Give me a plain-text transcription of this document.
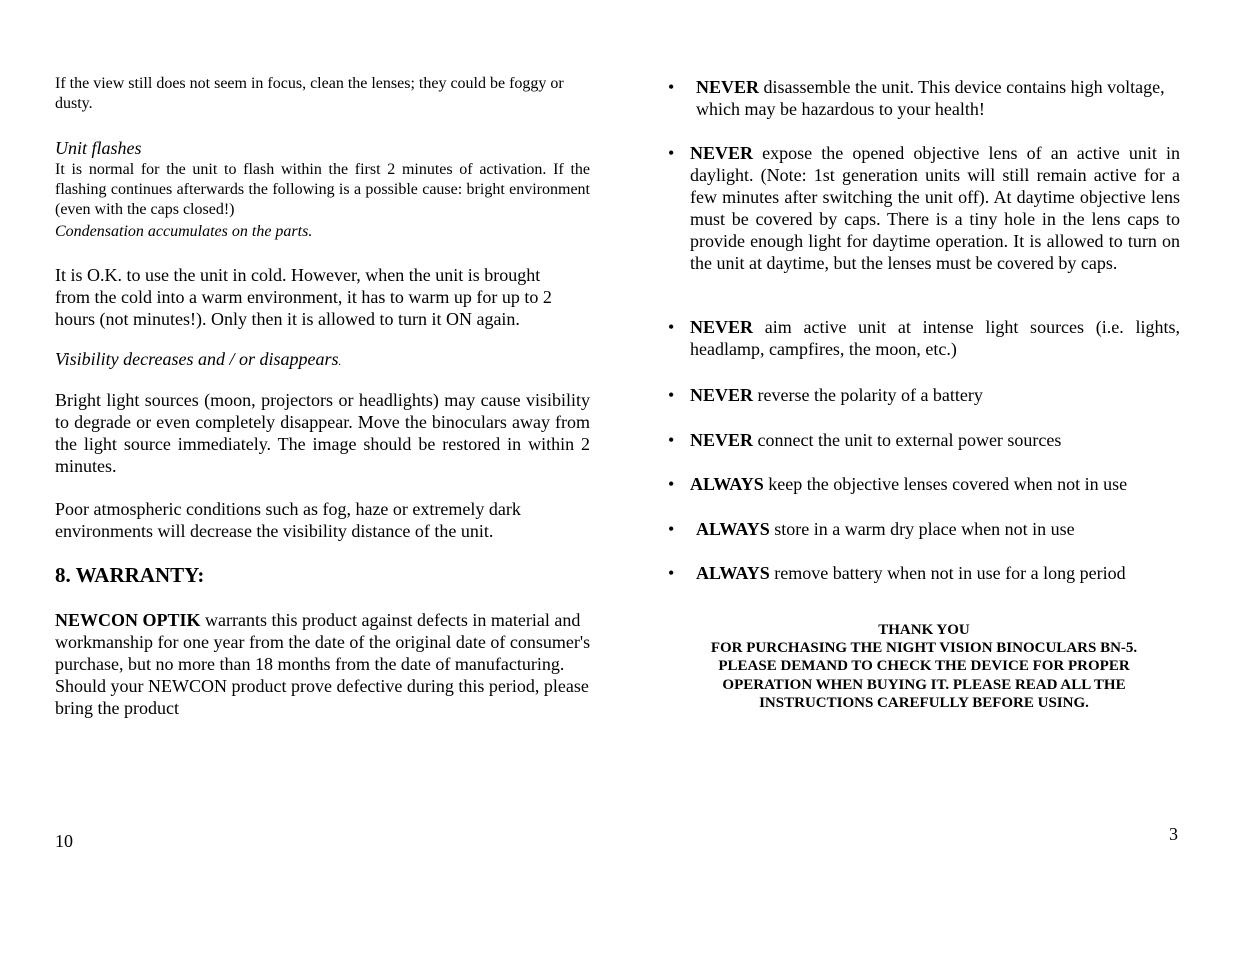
If the view still does not seem in focus, clean the lenses; they could be foggy or dusty.
Unit flashes
It is normal for the unit to flash within the first 2 minutes of activation. If the flashing continues afterwards the following is a possible cause: bright environment (even with the caps closed!)
Condensation accumulates on the parts.
It is O.K. to use the unit in cold. However, when the unit is brought from the cold into a warm environment, it has to warm up for up to 2 hours (not minutes!). Only then it is allowed to turn it ON again.
Visibility decreases and / or disappears.
Bright light sources (moon, projectors or headlights) may cause visibility to degrade or even completely disappear. Move the binoculars away from the light source immediately. The image should be restored in within 2 minutes.
Poor atmospheric conditions such as fog, haze or extremely dark environments will decrease the visibility distance of the unit.
8. WARRANTY:
NEWCON OPTIK warrants this product against defects in material and workmanship for one year from the date of the original date of consumer's purchase, but no more than 18 months from the date of manufacturing. Should your NEWCON product prove defective during this period, please bring the product
10
• NEVER disassemble the unit. This device contains high voltage, which may be hazardous to your health!
• NEVER expose the opened objective lens of an active unit in daylight. (Note: 1st generation units will still remain active for a few minutes after switching the unit off). At daytime objective lens must be covered by caps. There is a tiny hole in the lens caps to provide enough light for daytime operation. It is allowed to turn on the unit at daytime, but the lenses must be covered by caps.
• NEVER aim active unit at intense light sources (i.e. lights, headlamp, campfires, the moon, etc.)
• NEVER reverse the polarity of a battery
• NEVER connect the unit to external power sources
• ALWAYS keep the objective lenses covered when not in use
• ALWAYS store in a warm dry place when not in use
• ALWAYS remove battery when not in use for a long period
THANK YOU
FOR PURCHASING THE NIGHT VISION BINOCULARS BN-5.
PLEASE DEMAND TO CHECK THE DEVICE FOR PROPER
OPERATION WHEN BUYING IT. PLEASE READ ALL THE
INSTRUCTIONS CAREFULLY BEFORE USING.
3
